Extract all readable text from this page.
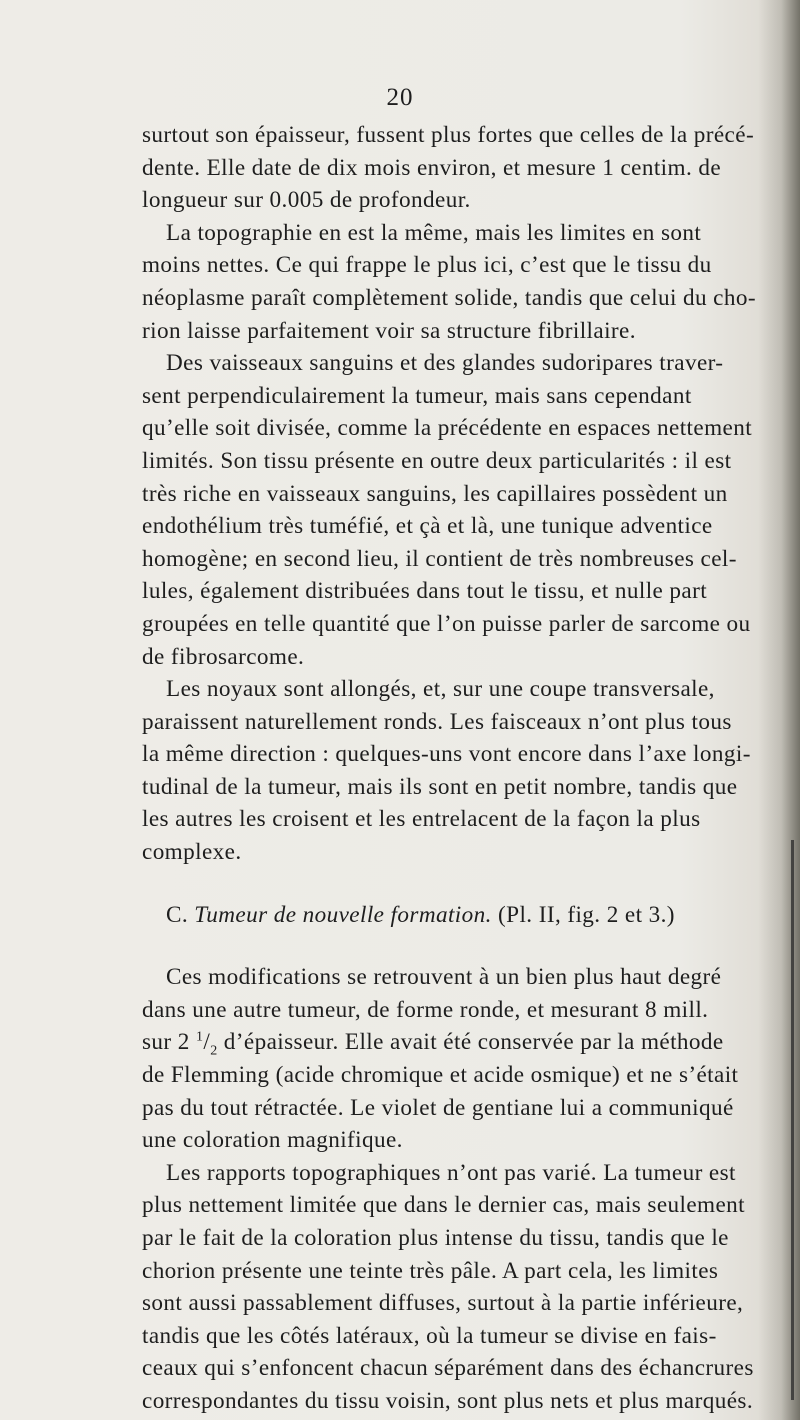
20
surtout son épaisseur, fussent plus fortes que celles de la précé-
dente. Elle date de dix mois environ, et mesure 1 centim. de
longueur sur 0.005 de profondeur.
La topographie en est la même, mais les limites en sont
moins nettes. Ce qui frappe le plus ici, c’est que le tissu du
néoplasme paraît complètement solide, tandis que celui du cho-
rion laisse parfaitement voir sa structure fibrillaire.
Des vaisseaux sanguins et des glandes sudoripares traver-
sent perpendiculairement la tumeur, mais sans cependant
qu’elle soit divisée, comme la précédente en espaces nettement
limités. Son tissu présente en outre deux particularités : il est
très riche en vaisseaux sanguins, les capillaires possèdent un
endothélium très tuméfié, et çà et là, une tunique adventice
homogène; en second lieu, il contient de très nombreuses cel-
lules, également distribuées dans tout le tissu, et nulle part
groupées en telle quantité que l’on puisse parler de sarcome ou
de fibrosarcome.
Les noyaux sont allongés, et, sur une coupe transversale,
paraissent naturellement ronds. Les faisceaux n’ont plus tous
la même direction : quelques-uns vont encore dans l’axe longi-
tudinal de la tumeur, mais ils sont en petit nombre, tandis que
les autres les croisent et les entrelacent de la façon la plus
complexe.
C. Tumeur de nouvelle formation. (Pl. II, fig. 2 et 3.)
Ces modifications se retrouvent à un bien plus haut degré
dans une autre tumeur, de forme ronde, et mesurant 8 mill.
sur 2 $^1/_2$ d’épaisseur. Elle avait été conservée par la méthode
de Flemming (acide chromique et acide osmique) et ne s’était
pas du tout rétractée. Le violet de gentiane lui a communiqué
une coloration magnifique.
Les rapports topographiques n’ont pas varié. La tumeur est
plus nettement limitée que dans le dernier cas, mais seulement
par le fait de la coloration plus intense du tissu, tandis que le
chorion présente une teinte très pâle. A part cela, les limites
sont aussi passablement diffuses, surtout à la partie inférieure,
tandis que les côtés latéraux, où la tumeur se divise en fais-
ceaux qui s’enfoncent chacun séparément dans des échancrures
correspondantes du tissu voisin, sont plus nets et plus marqués.
